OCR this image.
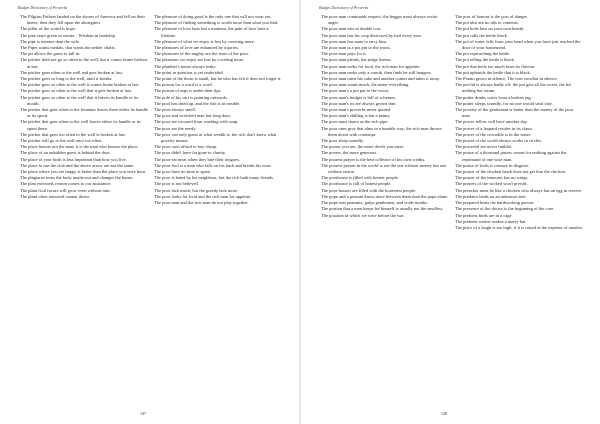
Budget Dictionary of Proverbs

The Pilgrim Fathers landed on the shores of America and fell on their knees; then they fell upon the aborigines.

The pillar of the world is hope.

The pine stays green in winter... Wisdom in hardship.

The pipe is meaner than the wife.

The Piper wants medals, that wants the nether chafts.

The pit allows the grass to fall in.

The pitcher doth not go so often to the well, but it comes home broken at last.

The pitcher goes often to the well and gets broken at last.

The pitcher goes so long to the well, until it breaks.

The pitcher goes so often to the well it comes home broken at last.

The pitcher goes so often to the well that it gets broken at last.

The pitcher goes so often to the well that it leaves its handle or its mouth.

The pitcher that goes often to the fountain leaves there either its handle or its spout.

The pitcher that goes often to the well leaves either its handle or its spout there.

The pitcher that goes too often to the well is broken at last.

The pitcher will go to the well once too often.

The place honors not the man; it is the man who honors the place.

The place of an unbidden guest is behind the door.

The place of your birth is less important than how you live.

The place to use the club and the above arrow are not the same.

The place where you are happy is better than the place you were born.

The plagiarist turns the body inside-out and changes the bones.

The plan executed, reason comes to our assistance.

The plant God favors will grow even without rain.

The plant often removed cannot thrive.

The pleasure of doing good is the only one that will not wear out.

The pleasure of finding something is worth more than what you find.

The pleasure of love lasts but a moment, the pain of love lasts a lifetime.

The pleasure of what we enjoy is lost by coveting more.

The pleasures of love are enhanced by injuries.

The pleasures of the mighty are the tears of the poor.

The pleasures we enjoy are lost by coveting more.

The plumber's house always leaks.

The point in question is yet undecided.

The point of the thorn is small, but he who has felt it does not forget it.

The poison for a word is a word.

The poison of asps is under their lips.

The pole of his cart is pointing outwards.

The pool has dried up, and the fish is in trouble.

The poor always smell.

The poor and wretched man has long days.

The poor are excused from washing with soap.

The poor are the needy.

The poor can only guess at what wealth is; the rich don't know what poverty means.

The poor can't afford to buy cheap.

The poor didn't have fat gone to charity.

The poor eat meat when they bite their tongues.

The poor fool is a man who falls on his back and breaks his nose.

The poor have no time to spare.

The poor is hated by his neighbour, but the rich hath many friends.

The poor is not believed.

The poor lack much, but the greedy lack more.

The poor looks for food and the rich man for appetite.

The poor man and the rich man do not play together.

147
Budget Dictionary of Proverbs

The poor man commands respect; the beggar must always excite anger.

The poor man eats at double cost.

The poor man has his crop destroyed by hail every year.

The poor man has none to envy him.

The poor man is a pot put to the worst.

The poor man pays for it.

The poor man pleads, the judge listens.

The poor man seeks for food, the rich man for appetite.

The poor man seeks only a crumb, then finds he still hungers.

The poor man turns his cake and another comes and takes it away.

The poor man wants much, the miser everything.

The poor man's a pot put to the worst.

The poor man's budget is full of schemes.

The poor man's ox are always grown thin.

The poor man's proverbs never quoted.

The poor man's shilling is but a penny.

The poor must dance as the rich pipe.

The poor ones give that alms in a humble way, the rich man throws them down with contempt.

The poor sleep soundly.

The poorer you are, the more devils you meet.

The poorer, the more generous.

The poorest prayer is the best collector of his own credits.

The poorest person in the world is not the one without money but one without vision.

The poorhouse is filled with honest people.

The poorhouse is full of honest people.

The poor-houses are filled with the honestest people.

The pope and a peasant know more between them than the pope alone.

The pope eats peasants, gulps gentlemen, and voids monks.

The portion that a man keeps for himself is usually not the smallest.

The position in which we were before the war.

The post of honour is the post of danger.

The pot also are no alis to contents.

The pot boils best on your own hearth.

The pot calls the kettle black.

The pot of water falls from your head when you have just reached the door of your homestead.

The pot reproaching the kettle.

The pot telling the kettle it black.

The pot that boils too much loses its flavour.

The pot upbraids the kettle that it is black.

The Potato grows in silence, The iron crowbar in silence.

The pot-lid is always badly off: the pot gets all the sweet, the lid nothing but steam.

The potter drinks water from a broken jug.

The potter sleeps soundly, for no one would steal clay.

The poverty of the gentleman is better than the money of the poor man.

The power fellow will have another day.

The power of a leopard resides in its claws.

The power of the crocodile is in the water.

The power of the world always works in circles.

The powerful are never faithful.

The praise of a thousand jasters counts for nothing against the reprimand of one wise man.

The praise of fools is censure in disguise.

The prayer of the chicken hawk does not get him the chicken.

The prayer of the innocent has no wings.

The prayers of the wicked won't prevail.

The preacher must be like a chicken who always has an egg in reserve.

The predator lands on an unknown tree.

The prepared beats the hardworking person.

The presence of the doctor is the beginning of the cure.

The prettiest birds are in a cage.

The prettiest widow makes a merry hat.

The price of a laugh is too high, if it is raised at the expense of another.

148
